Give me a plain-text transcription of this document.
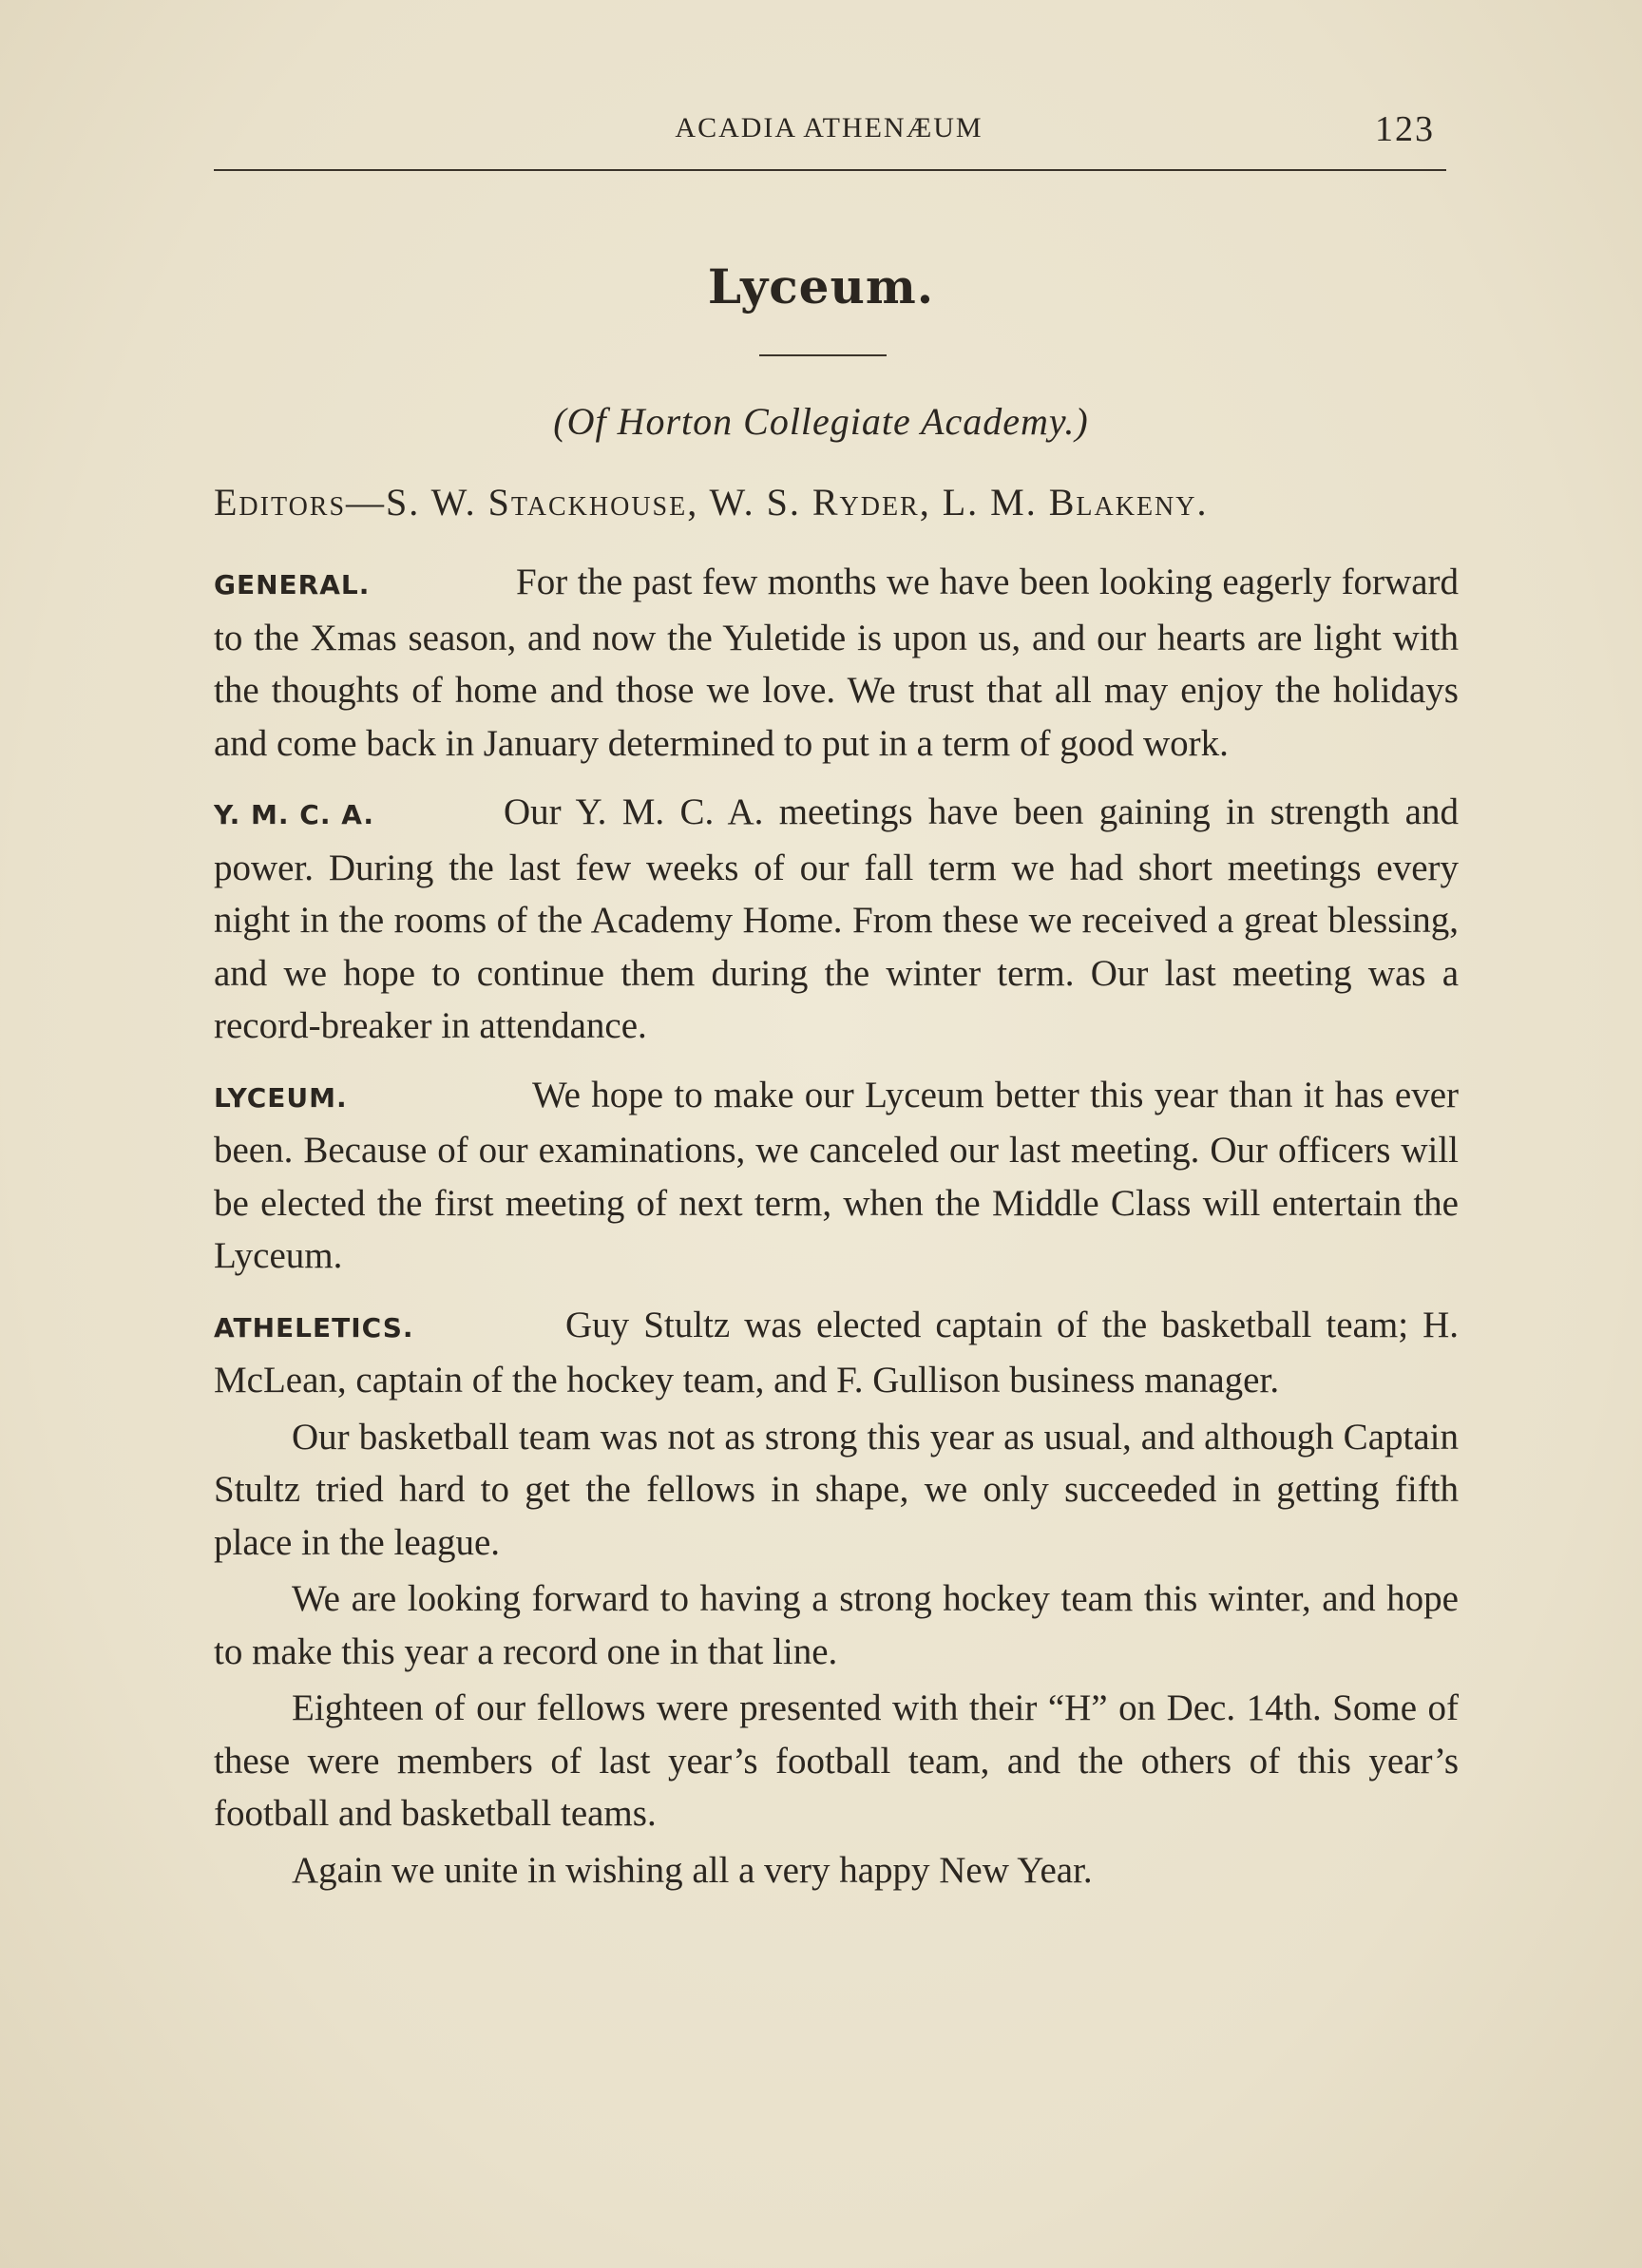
ACADIA ATHENÆUM	123
Lyceum.
(Of Horton Collegiate Academy.)
Editors—S. W. Stackhouse, W. S. Ryder, L. M. Blakeny.

GENERAL.	For the past few months we have been looking eagerly forward to the Xmas season, and now the Yuletide is upon us, and our hearts are light with the thoughts of home and those we love. We trust that all may enjoy the holidays and come back in January determined to put in a term of good work.

Y. M. C. A.	Our Y. M. C. A. meetings have been gaining in strength and power. During the last few weeks of our fall term we had short meetings every night in the rooms of the Academy Home. From these we received a great blessing, and we hope to continue them during the winter term. Our last meeting was a record-breaker in attendance.

LYCEUM.	We hope to make our Lyceum better this year than it has ever been. Because of our examinations, we canceled our last meeting. Our officers will be elected the first meeting of next term, when the Middle Class will entertain the Lyceum.

ATHELETICS.	Guy Stultz was elected captain of the basketball team; H. McLean, captain of the hockey team, and F. Gullison business manager.

Our basketball team was not as strong this year as usual, and although Captain Stultz tried hard to get the fellows in shape, we only succeeded in getting fifth place in the league.

We are looking forward to having a strong hockey team this winter, and hope to make this year a record one in that line.

Eighteen of our fellows were presented with their “H” on Dec. 14th. Some of these were members of last year’s football team, and the others of this year’s football and basketball teams.

Again we unite in wishing all a very happy New Year.
